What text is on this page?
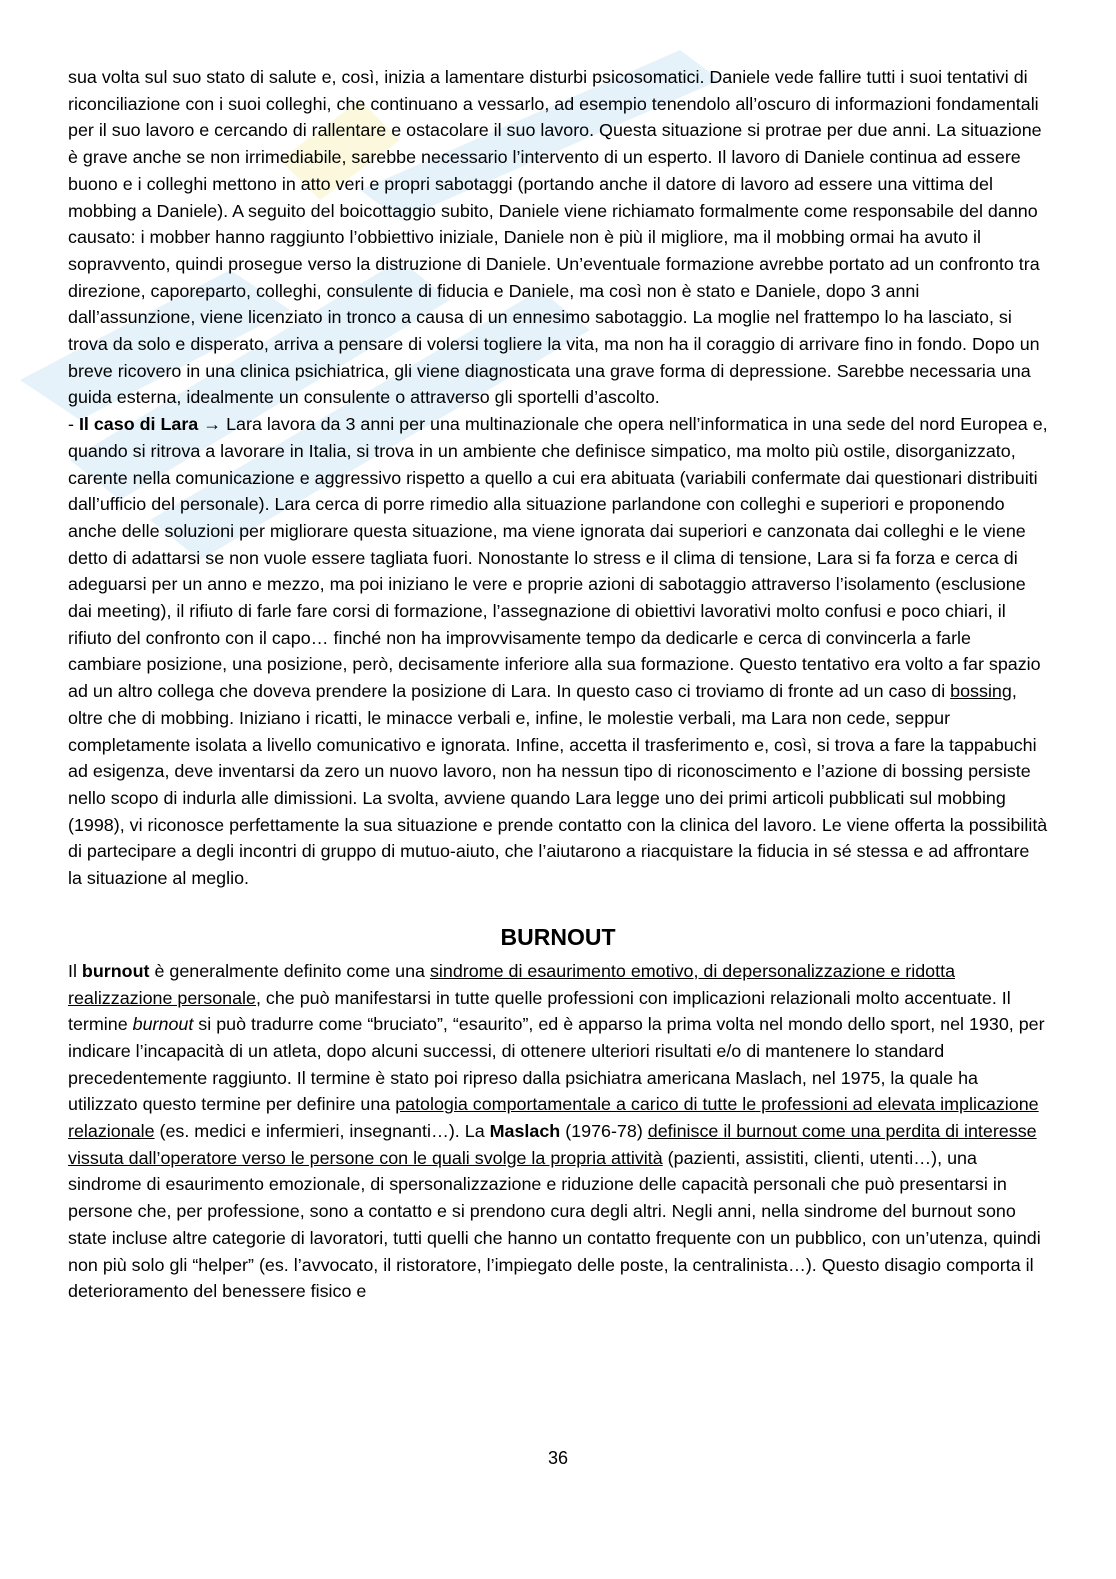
sua volta sul suo stato di salute e, così, inizia a lamentare disturbi psicosomatici. Daniele vede fallire tutti i suoi tentativi di riconciliazione con i suoi colleghi, che continuano a vessarlo, ad esempio tenendolo all’oscuro di informazioni fondamentali per il suo lavoro e cercando di rallentare e ostacolare il suo lavoro. Questa situazione si protrae per due anni. La situazione è grave anche se non irrimediabile, sarebbe necessario l’intervento di un esperto. Il lavoro di Daniele continua ad essere buono e i colleghi mettono in atto veri e propri sabotaggi (portando anche il datore di lavoro ad essere una vittima del mobbing a Daniele). A seguito del boicottaggio subito, Daniele viene richiamato formalmente come responsabile del danno causato: i mobber hanno raggiunto l’obbiettivo iniziale, Daniele non è più il migliore, ma il mobbing ormai ha avuto il sopravvento, quindi prosegue verso la distruzione di Daniele. Un’eventuale formazione avrebbe portato ad un confronto tra direzione, caporeparto, colleghi, consulente di fiducia e Daniele, ma così non è stato e Daniele, dopo 3 anni dall’assunzione, viene licenziato in tronco a causa di un ennesimo sabotaggio. La moglie nel frattempo lo ha lasciato, si trova da solo e disperato, arriva a pensare di volersi togliere la vita, ma non ha il coraggio di arrivare fino in fondo. Dopo un breve ricovero in una clinica psichiatrica, gli viene diagnosticata una grave forma di depressione. Sarebbe necessaria una guida esterna, idealmente un consulente o attraverso gli sportelli d’ascolto.

- Il caso di Lara → Lara lavora da 3 anni per una multinazionale che opera nell’informatica in una sede del nord Europea e, quando si ritrova a lavorare in Italia, si trova in un ambiente che definisce simpatico, ma molto più ostile, disorganizzato, carente nella comunicazione e aggressivo rispetto a quello a cui era abituata (variabili confermate dai questionari distribuiti dall’ufficio del personale). Lara cerca di porre rimedio alla situazione parlandone con colleghi e superiori e proponendo anche delle soluzioni per migliorare questa situazione, ma viene ignorata dai superiori e canzonata dai colleghi e le viene detto di adattarsi se non vuole essere tagliata fuori. Nonostante lo stress e il clima di tensione, Lara si fa forza e cerca di adeguarsi per un anno e mezzo, ma poi iniziano le vere e proprie azioni di sabotaggio attraverso l’isolamento (esclusione dai meeting), il rifiuto di farle fare corsi di formazione, l’assegnazione di obiettivi lavorativi molto confusi e poco chiari, il rifiuto del confronto con il capo… finché non ha improvvisamente tempo da dedicarle e cerca di convincerla a farle cambiare posizione, una posizione, però, decisamente inferiore alla sua formazione. Questo tentativo era volto a far spazio ad un altro collega che doveva prendere la posizione di Lara. In questo caso ci troviamo di fronte ad un caso di bossing, oltre che di mobbing. Iniziano i ricatti, le minacce verbali e, infine, le molestie verbali, ma Lara non cede, seppur completamente isolata a livello comunicativo e ignorata. Infine, accetta il trasferimento e, così, si trova a fare la tappabuchi ad esigenza, deve inventarsi da zero un nuovo lavoro, non ha nessun tipo di riconoscimento e l’azione di bossing persiste nello scopo di indurla alle dimissioni. La svolta, avviene quando Lara legge uno dei primi articoli pubblicati sul mobbing (1998), vi riconosce perfettamente la sua situazione e prende contatto con la clinica del lavoro. Le viene offerta la possibilità di partecipare a degli incontri di gruppo di mutuo-aiuto, che l’aiutarono a riacquistare la fiducia in sé stessa e ad affrontare la situazione al meglio.

BURNOUT

Il burnout è generalmente definito come una sindrome di esaurimento emotivo, di depersonalizzazione e ridotta realizzazione personale, che può manifestarsi in tutte quelle professioni con implicazioni relazionali molto accentuate. Il termine burnout si può tradurre come “bruciato”, “esaurito”, ed è apparso la prima volta nel mondo dello sport, nel 1930, per indicare l’incapacità di un atleta, dopo alcuni successi, di ottenere ulteriori risultati e/o di mantenere lo standard precedentemente raggiunto. Il termine è stato poi ripreso dalla psichiatra americana Maslach, nel 1975, la quale ha utilizzato questo termine per definire una patologia comportamentale a carico di tutte le professioni ad elevata implicazione relazionale (es. medici e infermieri, insegnanti…). La Maslach (1976-78) definisce il burnout come una perdita di interesse vissuta dall’operatore verso le persone con le quali svolge la propria attività (pazienti, assistiti, clienti, utenti…), una sindrome di esaurimento emozionale, di spersonalizzazione e riduzione delle capacità personali che può presentarsi in persone che, per professione, sono a contatto e si prendono cura degli altri. Negli anni, nella sindrome del burnout sono state incluse altre categorie di lavoratori, tutti quelli che hanno un contatto frequente con un pubblico, con un’utenza, quindi non più solo gli “helper” (es. l’avvocato, il ristoratore, l’impiegato delle poste, la centralinista…). Questo disagio comporta il deterioramento del benessere fisico e

36
